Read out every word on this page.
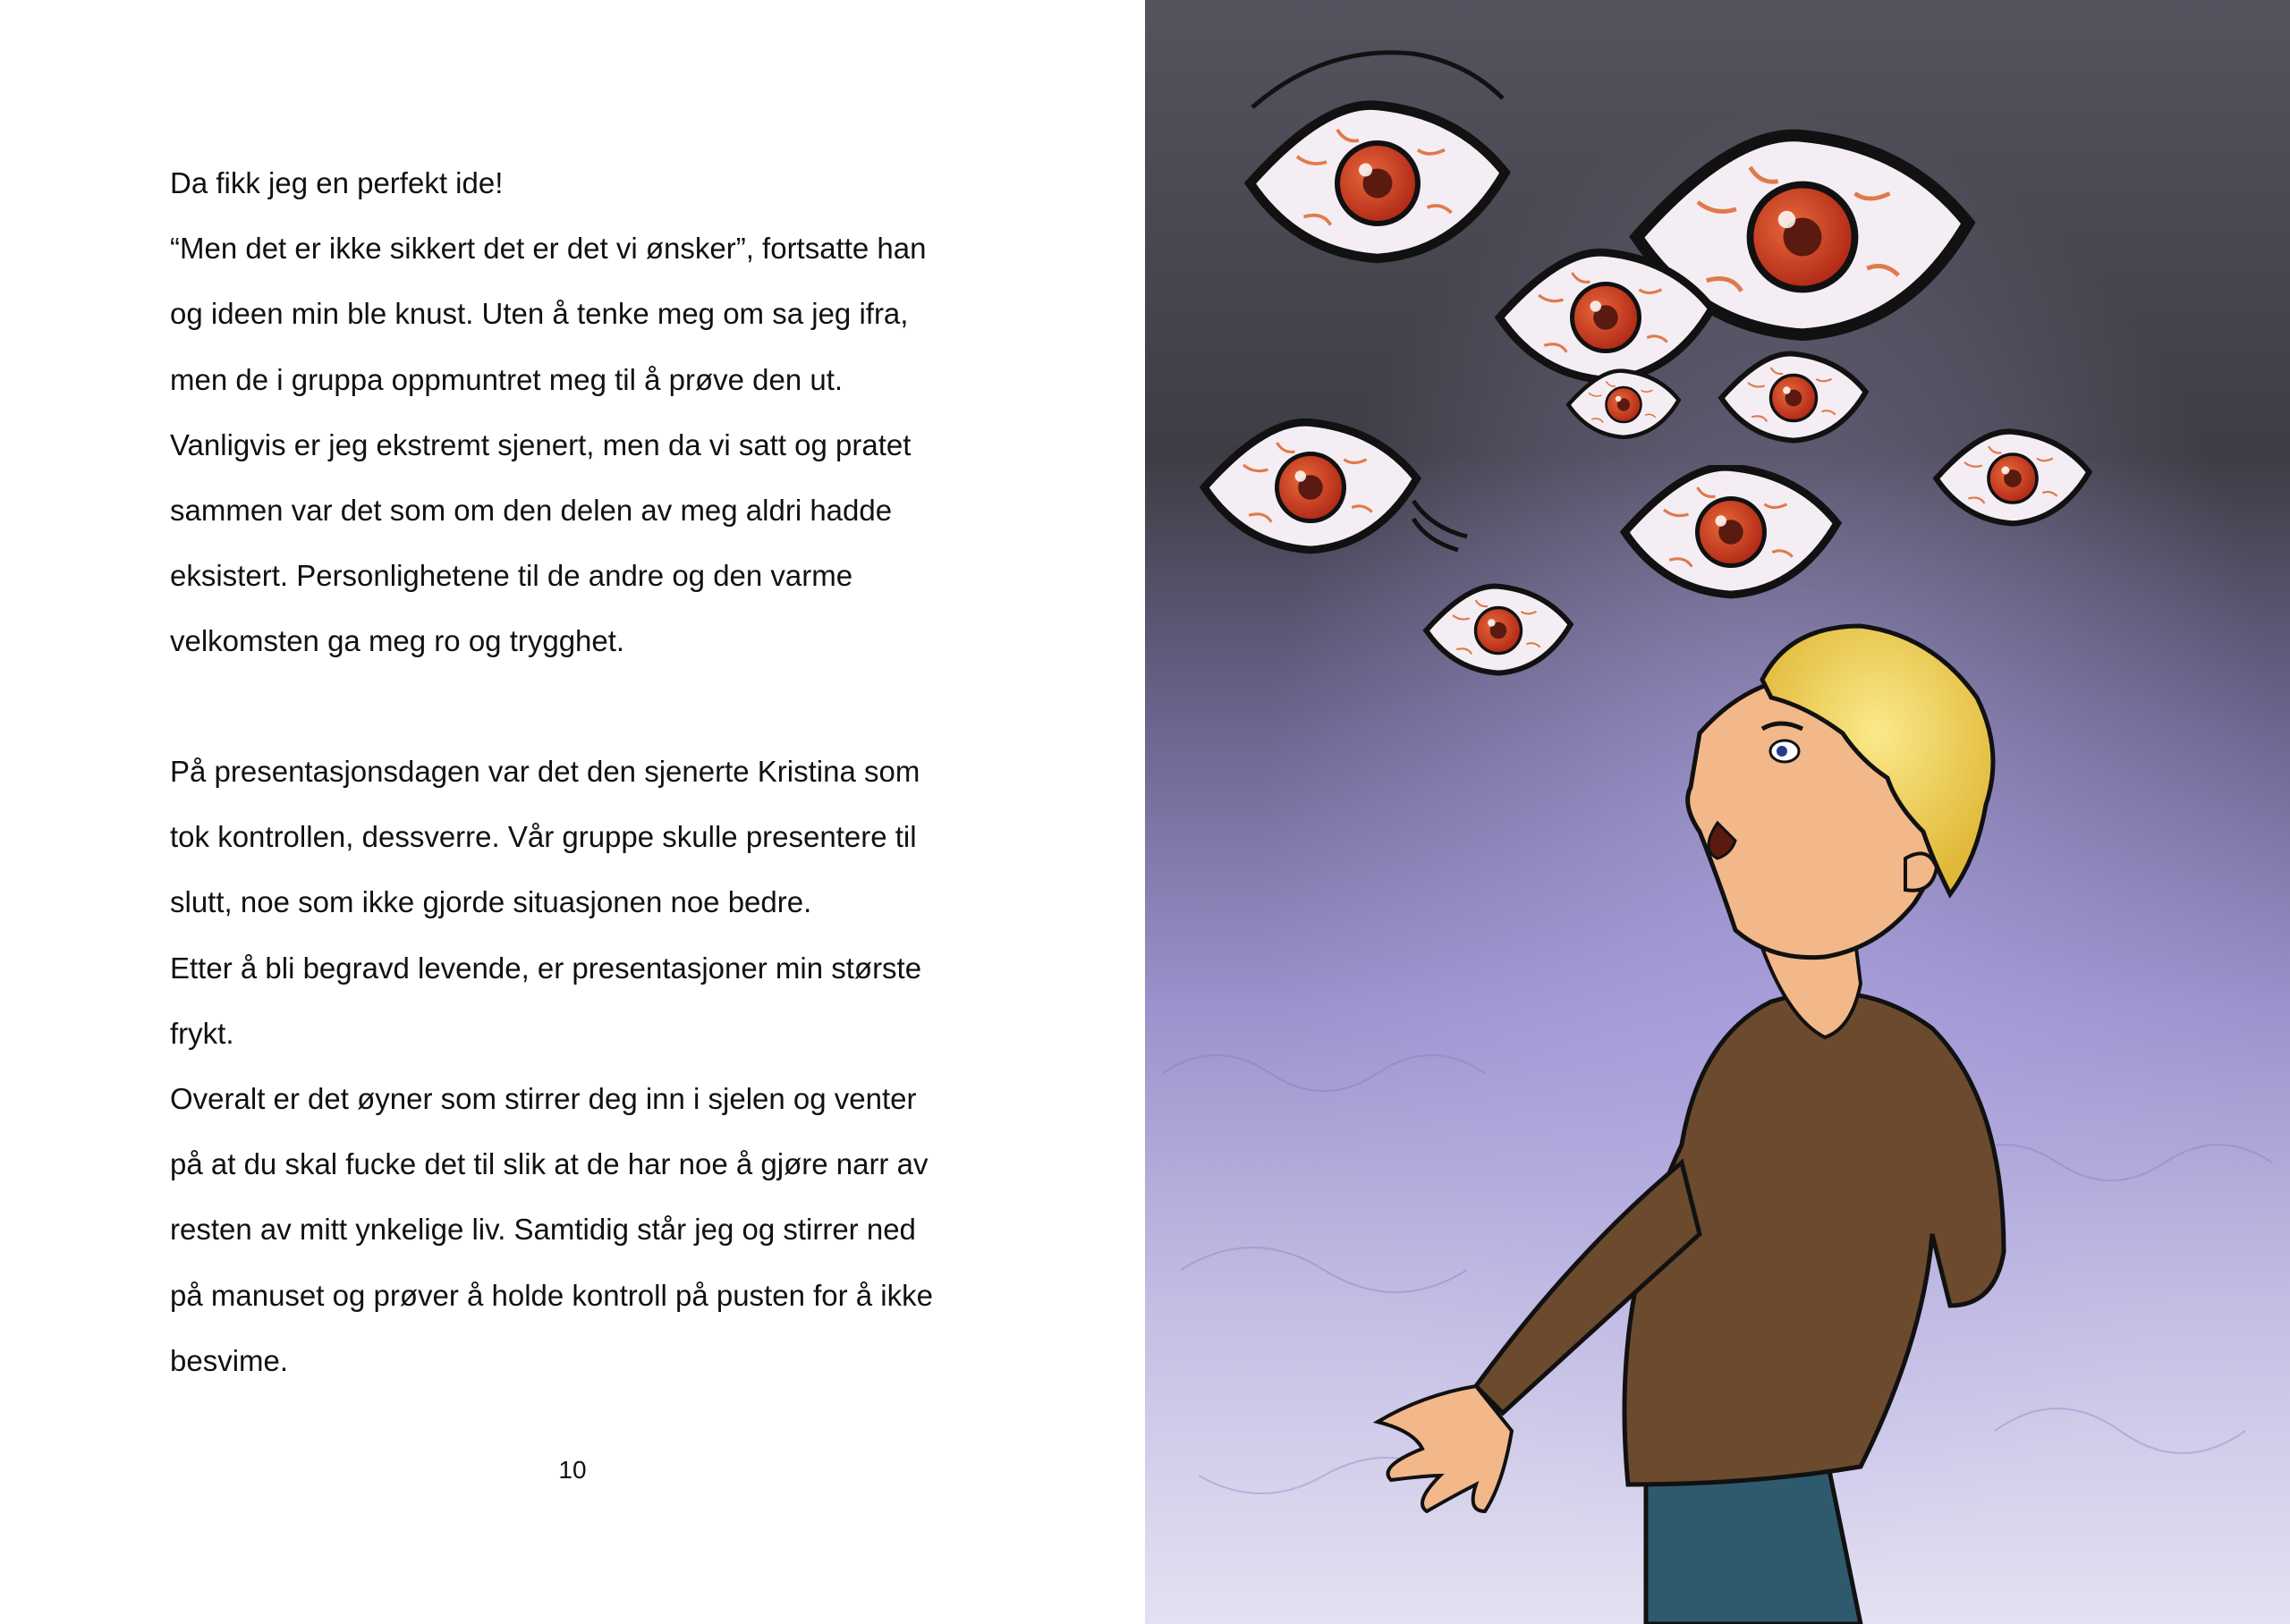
Da fikk jeg en perfekt ide!
“Men det er ikke sikkert det er det vi ønsker”, fortsatte han
og ideen min ble knust. Uten å tenke meg om sa jeg ifra,
men de i gruppa oppmuntret meg til å prøve den ut.
Vanligvis er jeg ekstremt sjenert, men da vi satt og pratet
sammen var det som om den delen av meg aldri hadde
eksistert. Personlighetene til de andre og den varme
velkomsten ga meg ro og trygghet.
På presentasjonsdagen var det den sjenerte Kristina som
tok kontrollen, dessverre. Vår gruppe skulle presentere til
slutt, noe som ikke gjorde situasjonen noe bedre.
Etter å bli begravd levende, er presentasjoner min største
frykt.
Overalt er det øyner som stirrer deg inn i sjelen og venter
på at du skal fucke det til slik at de har noe å gjøre narr av
resten av mitt ynkelige liv. Samtidig står jeg og stirrer ned
på manuset og prøver å holde kontroll på pusten for å ikke
besvime.
10
